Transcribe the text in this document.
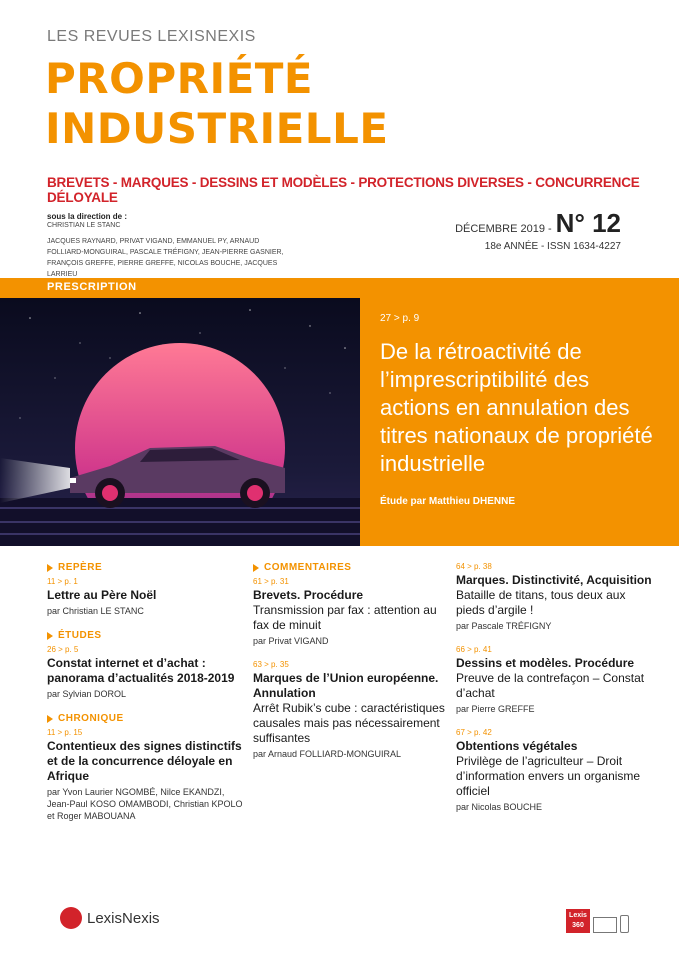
LES REVUES LEXISNEXIS
PROPRIÉTÉ
INDUSTRIELLE
BREVETS - MARQUES - DESSINS ET MODÈLES - PROTECTIONS DIVERSES - CONCURRENCE DÉLOYALE
sous la direction de :
CHRISTIAN LE STANC
JACQUES RAYNARD, PRIVAT VIGAND, EMMANUEL PY, ARNAUD FOLLIARD-MONGUIRAL, PASCALE TRÉFIGNY, JEAN-PIERRE GASNIER, FRANÇOIS GREFFE, PIERRE GREFFE, NICOLAS BOUCHE, JACQUES LARRIEU
DÉCEMBRE 2019 - N° 12
18e ANNÉE - ISSN 1634-4227
PRESCRIPTION
27 > p. 9
De la rétroactivité de l’imprescriptibilité des actions en annulation des titres nationaux de propriété industrielle
Étude par Matthieu DHENNE
REPÈRE
11 > p. 1
Lettre au Père Noël
par Christian LE STANC
ÉTUDES
26 > p. 5
Constat internet et d’achat : panorama d’actualités 2018-2019
par Sylvian DOROL
CHRONIQUE
11 > p. 15
Contentieux des signes distinctifs et de la concurrence déloyale en Afrique
par Yvon Laurier NGOMBÉ, Nilce EKANDZI, Jean-Paul KOSO OMAMBODI, Christian KPOLO et Roger MABOUANA
COMMENTAIRES
61 > p. 31
Brevets. Procédure
Transmission par fax : attention au fax de minuit
par Privat VIGAND
63 > p. 35
Marques de l’Union européenne. Annulation
Arrêt Rubik’s cube : caractéristiques causales mais pas nécessairement suffisantes
par Arnaud FOLLIARD-MONGUIRAL
64 > p. 38
Marques. Distinctivité, Acquisition
Bataille de titans, tous deux aux pieds d’argile !
par Pascale TRÉFIGNY
66 > p. 41
Dessins et modèles. Procédure
Preuve de la contrefaçon – Constat d’achat
par Pierre GREFFE
67 > p. 42
Obtentions végétales
Privilège de l’agriculteur – Droit d’information envers un organisme officiel
par Nicolas BOUCHE
LexisNexis	Lexis
360
